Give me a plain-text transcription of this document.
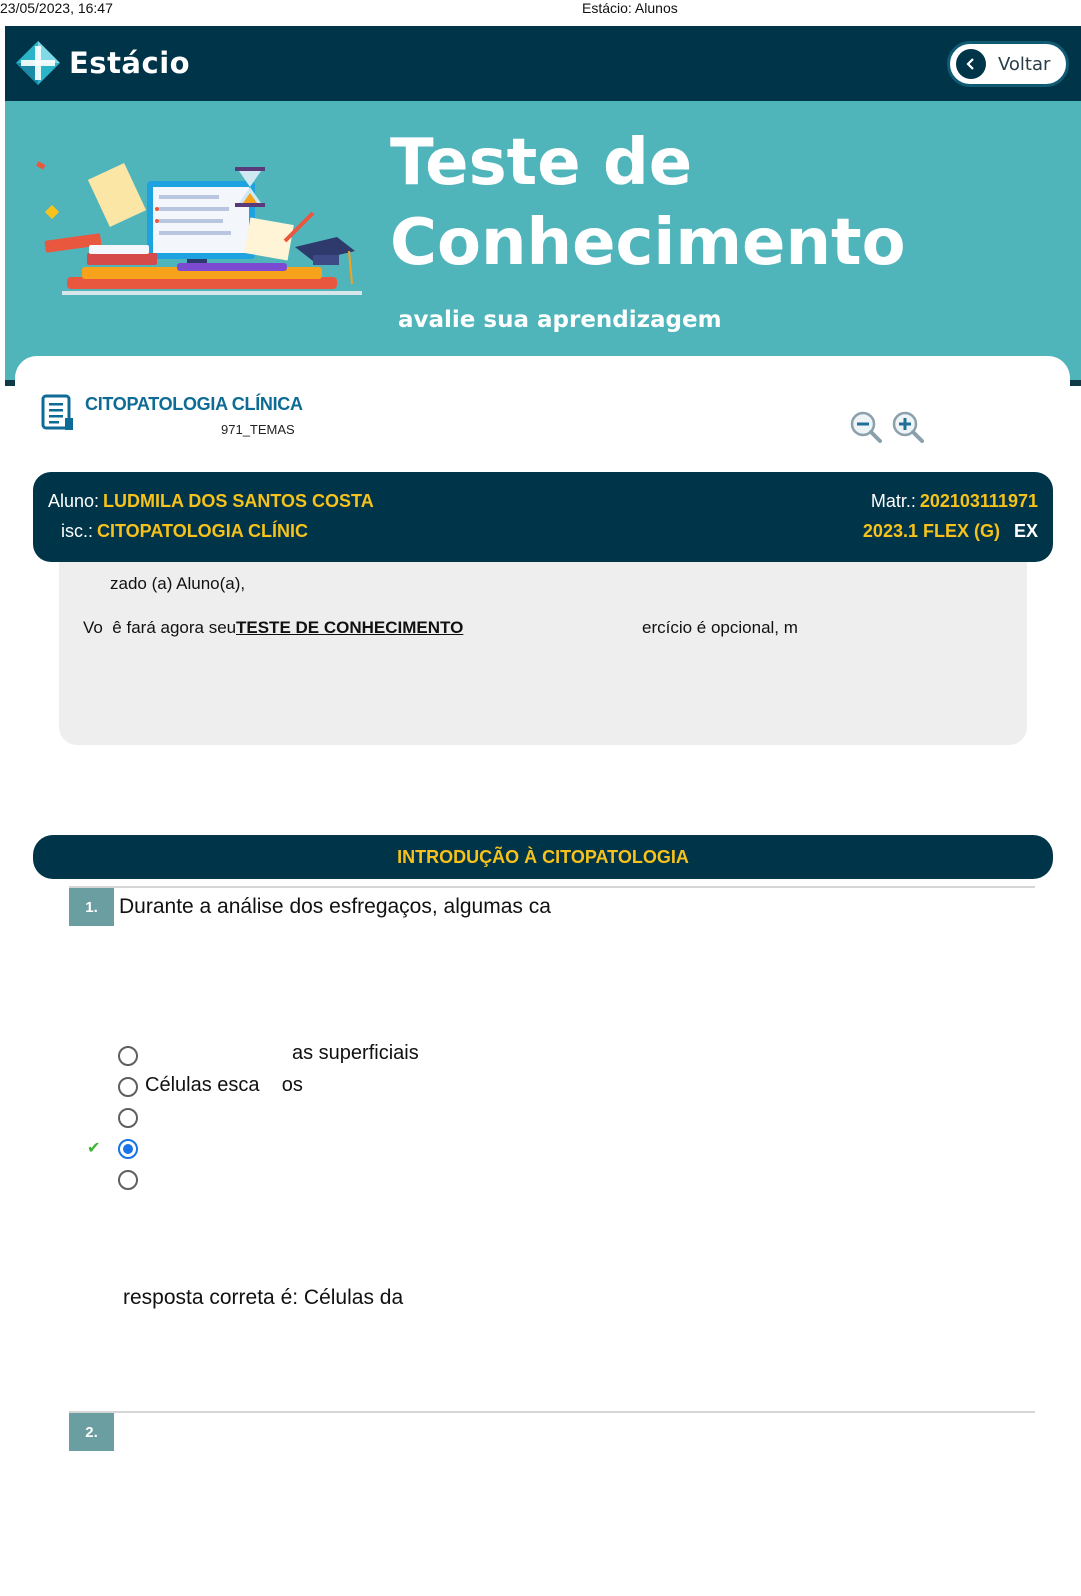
23/05/2023, 16:47	Estácio: Alunos
Estácio	Voltar
Teste de
Conhecimento
avalie sua aprendizagem
CITOPATOLOGIA CLÍNICA
971_TEMAS
Aluno: LUDMILA DOS SANTOS COSTA
isc.: CITOPATOLOGIA CLÍNIC
Matr.: 202103111971
2023.1 FLEX (G) EX
zado (a) Aluno(a),
Vo  ê fará agora seu TESTE DE CONHECIMENTO	ercício é opcional, m
INTRODUÇÃO À CITOPATOLOGIA
1.	Durante a análise dos esfregaços, algumas ca
as superficiais
Células esca    os
✔
resposta correta é: Células da
2.
